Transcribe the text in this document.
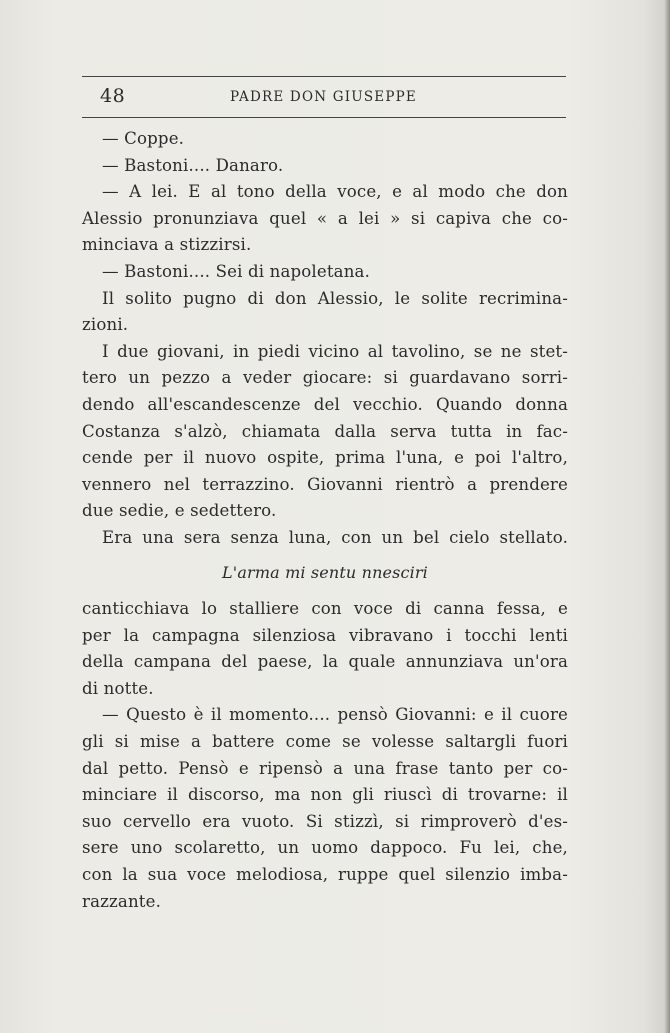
48	PADRE DON GIUSEPPE
— Coppe.
— Bastoni.... Danaro.
— A lei. E al tono della voce, e al modo che don
Alessio pronunziava quel « a lei » si capiva che co-
minciava a stizzirsi.
— Bastoni.... Sei di napoletana.
Il solito pugno di don Alessio, le solite recrimina-
zioni.
I due giovani, in piedi vicino al tavolino, se ne stet-
tero un pezzo a veder giocare: si guardavano sorri-
dendo all'escandescenze del vecchio. Quando donna
Costanza s'alzò, chiamata dalla serva tutta in fac-
cende per il nuovo ospite, prima l'una, e poi l'altro,
vennero nel terrazzino. Giovanni rientrò a prendere
due sedie, e sedettero.
Era una sera senza luna, con un bel cielo stellato.
L'arma mi sentu nnesciri
canticchiava lo stalliere con voce di canna fessa, e
per la campagna silenziosa vibravano i tocchi lenti
della campana del paese, la quale annunziava un'ora
di notte.
— Questo è il momento.... pensò Giovanni: e il cuore
gli si mise a battere come se volesse saltargli fuori
dal petto. Pensò e ripensò a una frase tanto per co-
minciare il discorso, ma non gli riuscì di trovarne: il
suo cervello era vuoto. Si stizzì, si rimproverò d'es-
sere uno scolaretto, un uomo dappoco. Fu lei, che,
con la sua voce melodiosa, ruppe quel silenzio imba-
razzante.
